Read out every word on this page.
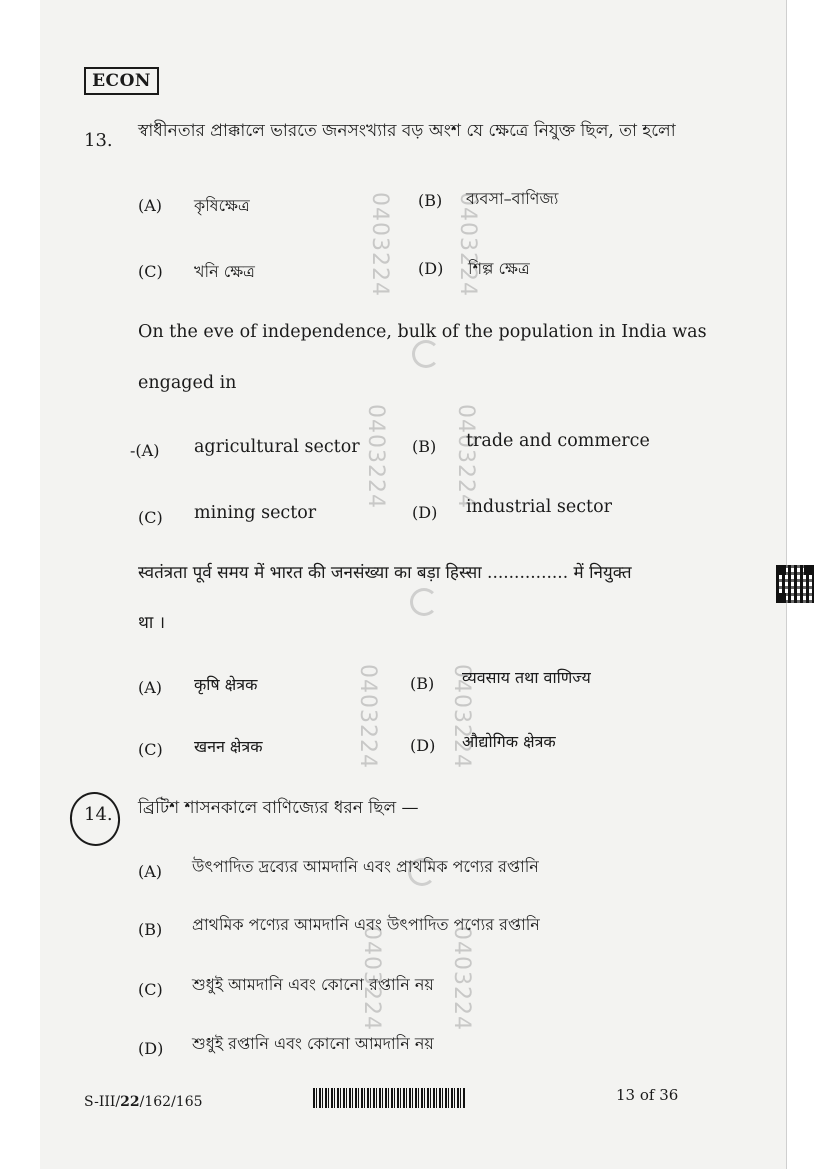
0403224	0403224
0403224	0403224
0403224	0403224
0403224	0403224
ECON
13. স্বাধীনতার প্রাক্কালে ভারতে জনসংখ্যার বড় অংশ যে ক্ষেত্রে নিযুক্ত ছিল, তা হলো
(A) কৃষিক্ষেত্র	(B) ব্যবসা–বাণিজ্য
(C) খনি ক্ষেত্র	(D) শিল্প ক্ষেত্র
On the eve of independence, bulk of the population in India was
engaged in
-(A) agricultural sector	(B) trade and commerce
(C) mining sector	(D) industrial sector
स्वतंत्रता पूर्व समय में भारत की जनसंख्या का बड़ा हिस्सा ............... में नियुक्त
था ।
(A) कृषि क्षेत्रक	(B) व्यवसाय तथा वाणिज्य
(C) खनन क्षेत्रक	(D) औद्योगिक क्षेत्रक
14. ব্রিটিশ শাসনকালে বাণিজ্যের ধরন ছিল —
(A) উৎপাদিত দ্রব্যের আমদানি এবং প্রাথমিক পণ্যের রপ্তানি
(B) প্রাথমিক পণ্যের আমদানি এবং উৎপাদিত পণ্যের রপ্তানি
(C) শুধুই আমদানি এবং কোনো রপ্তানি নয়
(D) শুধুই রপ্তানি এবং কোনো আমদানি নয়
S-III/22/162/165	13 of 36
